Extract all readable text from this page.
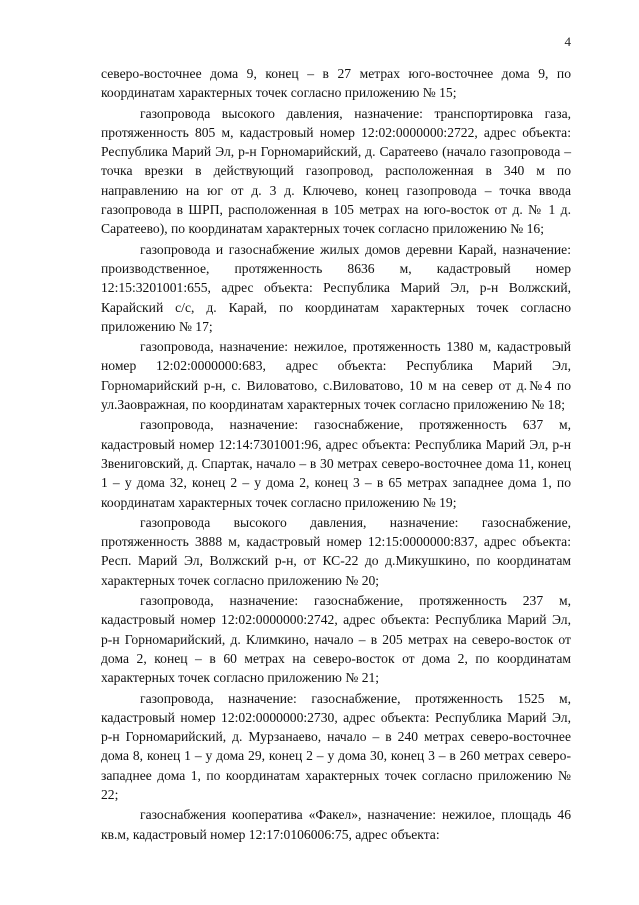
4

северо-восточнее дома 9, конец – в 27 метрах юго-восточнее дома 9, по координатам характерных точек согласно приложению № 15;

газопровода высокого давления, назначение: транспортировка газа, протяженность 805 м, кадастровый номер 12:02:0000000:2722, адрес объекта: Республика Марий Эл, р-н Горномарийский, д. Саратеево (начало газопровода – точка врезки в действующий газопровод, расположенная в 340 м по направлению на юг от д. 3 д. Ключево, конец газопровода – точка ввода газопровода в ШРП, расположенная в 105 метрах на юго-восток от д. № 1 д. Саратеево), по координатам характерных точек согласно приложению № 16;

газопровода и газоснабжение жилых домов деревни Карай, назначение: производственное, протяженность 8636 м, кадастровый номер 12:15:3201001:655, адрес объекта: Республика Марий Эл, р-н Волжский, Карайский с/с, д. Карай, по координатам характерных точек согласно приложению № 17;

газопровода, назначение: нежилое, протяженность 1380 м, кадастровый номер 12:02:0000000:683, адрес объекта: Республика Марий Эл, Горномарийский р-н, с. Виловатово, с.Виловатово, 10 м на север от д.№4 по ул.Заовражная, по координатам характерных точек согласно приложению № 18;

газопровода, назначение: газоснабжение, протяженность 637 м, кадастровый номер 12:14:7301001:96, адрес объекта: Республика Марий Эл, р-н Звениговский, д. Спартак, начало – в 30 метрах северо-восточнее дома 11, конец 1 – у дома 32, конец 2 – у дома 2, конец 3 – в 65 метрах западнее дома 1, по координатам характерных точек согласно приложению № 19;

газопровода высокого давления, назначение: газоснабжение, протяженность 3888 м, кадастровый номер 12:15:0000000:837, адрес объекта: Респ. Марий Эл, Волжский р-н, от КС-22 до д.Микушкино, по координатам характерных точек согласно приложению № 20;

газопровода, назначение: газоснабжение, протяженность 237 м, кадастровый номер 12:02:0000000:2742, адрес объекта: Республика Марий Эл, р-н Горномарийский, д. Климкино, начало – в 205 метрах на северо-восток от дома 2, конец – в 60 метрах на северо-восток от дома 2, по координатам характерных точек согласно приложению № 21;

газопровода, назначение: газоснабжение, протяженность 1525 м, кадастровый номер 12:02:0000000:2730, адрес объекта: Республика Марий Эл, р-н Горномарийский, д. Мурзанаево, начало – в 240 метрах северо-восточнее дома 8, конец 1 – у дома 29, конец 2 – у дома 30, конец 3 – в 260 метрах северо-западнее дома 1, по координатам характерных точек согласно приложению № 22;

газоснабжения кооператива «Факел», назначение: нежилое, площадь 46 кв.м, кадастровый номер 12:17:0106006:75, адрес объекта:
